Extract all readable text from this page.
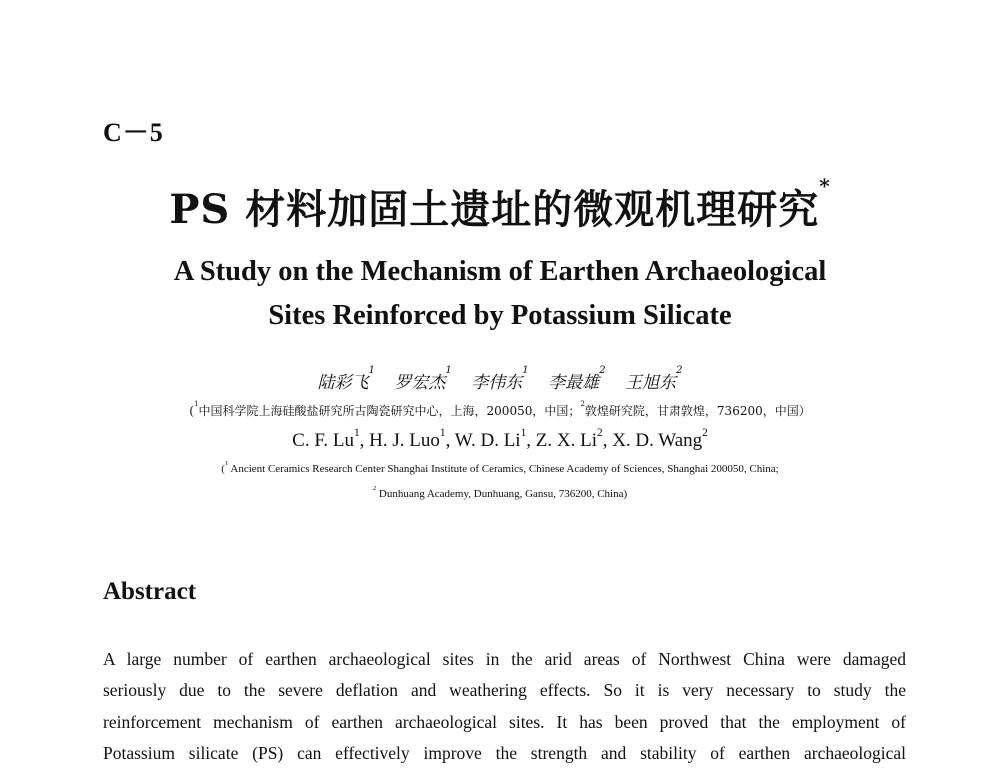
C－5
PS 材料加固土遗址的微观机理研究*
A Study on the Mechanism of Earthen Archaeological
Sites Reinforced by Potassium Silicate
陆彩飞$^1$ 罗宏杰$^1$ 李伟东$^1$ 李最雄$^2$ 王旭东$^2$
($^1$中国科学院上海硅酸盐研究所古陶瓷研究中心，上海，200050，中国；$^2$敦煌研究院，甘肃敦煌，736200，中国）
C. F. Lu$^1$, H. J. Luo$^1$, W. D. Li$^1$, Z. X. Li$^2$, X. D. Wang$^2$
($^1$ Ancient Ceramics Research Center Shanghai Institute of Ceramics, Chinese Academy of Sciences, Shanghai 200050, China;
$^2$ Dunhuang Academy, Dunhuang, Gansu, 736200, China)
Abstract
A large number of earthen archaeological sites in the arid areas of Northwest China were damaged
seriously due to the severe deflation and weathering effects. So it is very necessary to study the
reinforcement mechanism of earthen archaeological sites. It has been proved that the employment of
Potassium silicate (PS) can effectively improve the strength and stability of earthen archaeological
